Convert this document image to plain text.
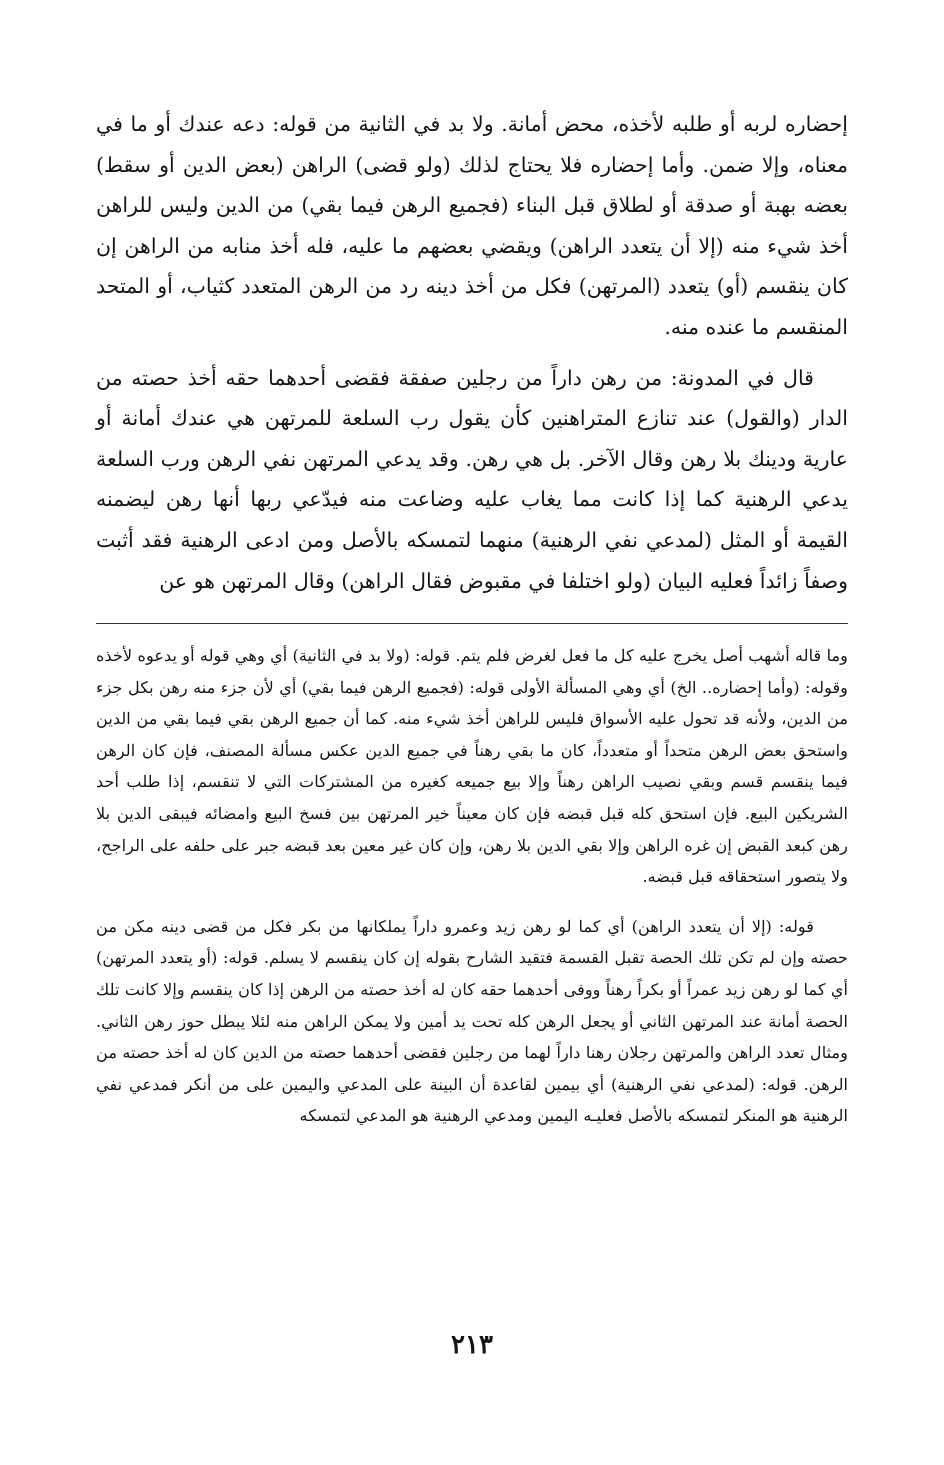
إحضاره لربه أو طلبه لأخذه، محض أمانة. ولا بد في الثانية من قوله: دعه عندك أو ما في معناه، وإلا ضمن. وأما إحضاره فلا يحتاج لذلك (ولو قضى) الراهن (بعض الدين أو سقط) بعضه بهبة أو صدقة أو لطلاق قبل البناء (فجميع الرهن فيما بقي) من الدين وليس للراهن أخذ شيء منه (إلا أن يتعدد الراهن) ويقضي بعضهم ما عليه، فله أخذ منابه من الراهن إن كان ينقسم (أو) يتعدد (المرتهن) فكل من أخذ دينه رد من الرهن المتعدد كثياب، أو المتحد المنقسم ما عنده منه.

قال في المدونة: من رهن داراً من رجلين صفقة فقضى أحدهما حقه أخذ حصته من الدار (والقول) عند تنازع المتراهنين كأن يقول رب السلعة للمرتهن هي عندك أمانة أو عارية ودينك بلا رهن وقال الآخر. بل هي رهن. وقد يدعي المرتهن نفي الرهن ورب السلعة يدعي الرهنية كما إذا كانت مما يغاب عليه وضاعت منه فيدّعي ربها أنها رهن ليضمنه القيمة أو المثل (لمدعي نفي الرهنية) منهما لتمسكه بالأصل ومن ادعى الرهنية فقد أثبت وصفاً زائداً فعليه البيان (ولو اختلفا في مقبوض فقال الراهن) وقال المرتهن هو عن

وما قاله أشهب أصل يخرج عليه كل ما فعل لغرض فلم يتم. قوله: (ولا بد في الثانية) أي وهي قوله أو يدعوه لأخذه وقوله: (وأما إحضاره.. الخ) أي وهي المسألة الأولى قوله: (فجميع الرهن فيما بقي) أي لأن جزء منه رهن بكل جزء من الدين، ولأنه قد تحول عليه الأسواق فليس للراهن أخذ شيء منه. كما أن جميع الرهن بقي فيما بقي من الدين واستحق بعض الرهن متحداً أو متعدداً، كان ما بقي رهناً في جميع الدين عكس مسألة المصنف، فإن كان الرهن فيما ينقسم قسم وبقي نصيب الراهن رهناً وإلا بيع جميعه كغيره من المشتركات التي لا تنقسم، إذا طلب أحد الشريكين البيع. فإن استحق كله قبل قبضه فإن كان معيناً خير المرتهن بين فسخ البيع وامضائه فيبقى الدين بلا رهن كبعد القبض إن غره الراهن وإلا بقي الدين بلا رهن، وإن كان غير معين بعد قبضه جبر على حلفه على الراجح، ولا يتصور استحقاقه قبل قبضه.

قوله: (إلا أن يتعدد الراهن) أي كما لو رهن زيد وعمرو داراً يملكانها من بكر فكل من قضى دينه مكن من حصته وإن لم تكن تلك الحصة تقبل القسمة فتقيد الشارح بقوله إن كان ينقسم لا يسلم. قوله: (أو يتعدد المرتهن) أي كما لو رهن زيد عمراً أو بكراً رهناً ووفى أحدهما حقه كان له أخذ حصته من الرهن إذا كان ينقسم وإلا كانت تلك الحصة أمانة عند المرتهن الثاني أو يجعل الرهن كله تحت يد أمين ولا يمكن الراهن منه لئلا يبطل حوز رهن الثاني. ومثال تعدد الراهن والمرتهن رجلان رهنا داراً لهما من رجلين فقضى أحدهما حصته من الدين كان له أخذ حصته من الرهن. قوله: (لمدعي نفي الرهنية) أي بيمين لقاعدة أن البينة على المدعي واليمين على من أنكر فمدعي نفي الرهنية هو المنكر لتمسكه بالأصل فعليـه اليمين ومدعي الرهنية هو المدعي لتمسكه

٢١٣
